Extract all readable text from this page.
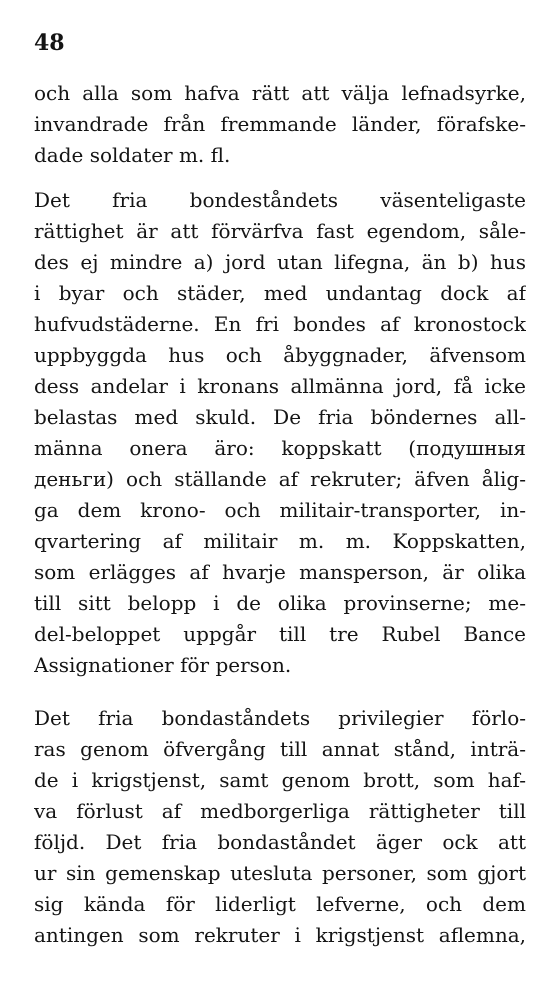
48

och alla som hafva rätt att välja lefnadsyrke,
invandrade från fremmande länder, förafske-
dade soldater m. fl.

Det fria bondeståndets väsenteligaste
rättighet är att förvärfva fast egendom, såle-
des ej mindre a) jord utan lifegna, än b) hus
i byar och städer, med undantag dock af
hufvudstäderne. En fri bondes af kronostock
uppbyggda hus och åbyggnader, äfvensom
dess andelar i kronans allmänna jord, få icke
belastas med skuld. De fria böndernes all-
männa onera äro: koppskatt (подушныя
деньги) och ställande af rekruter; äfven ålig-
ga dem krono- och militair-transporter, in-
qvartering af militair m. m. Koppskatten,
som erlägges af hvarje mansperson, är olika
till sitt belopp i de olika provinserne; me-
del-beloppet uppgår till tre Rubel Bance
Assignationer för person.

Det fria bondaståndets privilegier förlo-
ras genom öfvergång till annat stånd, inträ-
de i krigstjenst, samt genom brott, som haf-
va förlust af medborgerliga rättigheter till
följd. Det fria bondaståndet äger ock att
ur sin gemenskap utesluta personer, som gjort
sig kända för liderligt lefverne, och dem
antingen som rekruter i krigstjenst aflemna,
